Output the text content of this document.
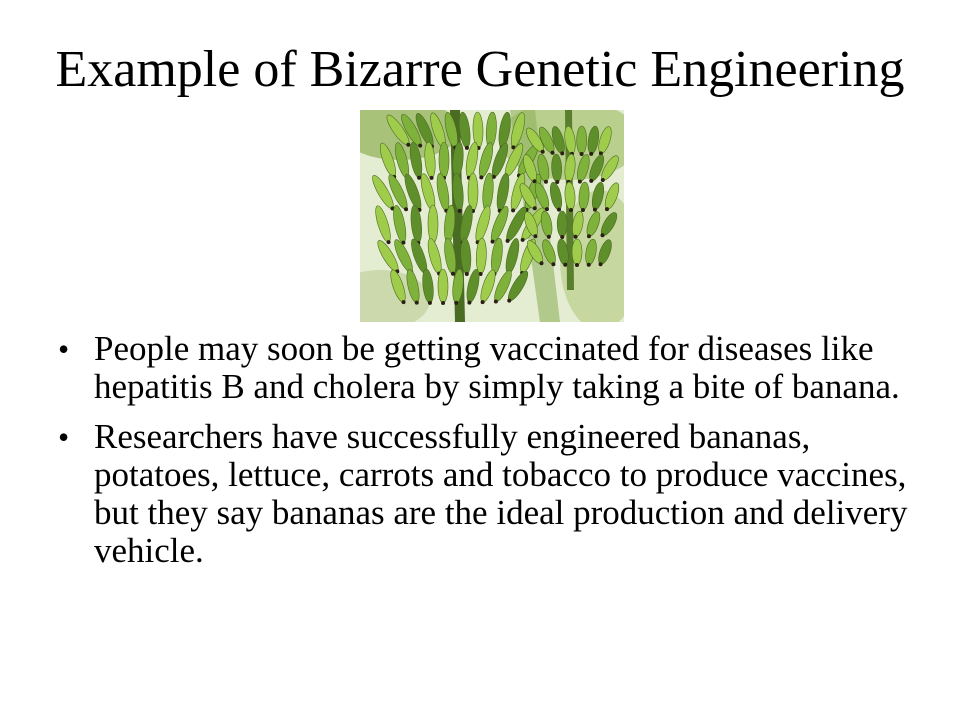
Example of Bizarre Genetic Engineering
• People may soon be getting vaccinated for diseases like hepatitis B and cholera by simply taking a bite of banana.
• Researchers have successfully engineered bananas, potatoes, lettuce, carrots and tobacco to produce vaccines, but they say bananas are the ideal production and delivery vehicle.
